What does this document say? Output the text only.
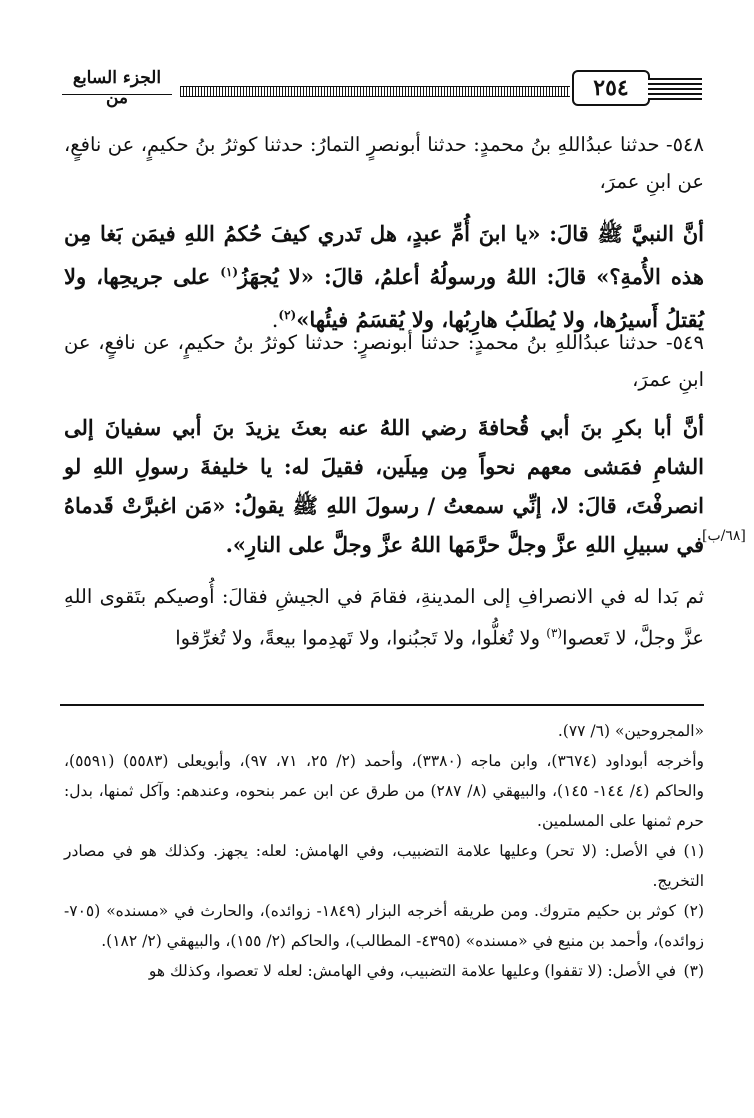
الجزء السابع من	٢٥٤

٥٤٨- حدثنا عبدُاللهِ بنُ محمدٍ: حدثنا أبونصرٍ التمارُ: حدثنا كوثرُ بنُ حكيمٍ، عن نافعٍ، عن ابنِ عمرَ،

أنَّ النبيَّ ﷺ قالَ: «يا ابنَ أُمِّ عبدٍ، هل تَدري كيفَ حُكمُ اللهِ فيمَن بَغا مِن هذه الأُمةِ؟» قالَ: اللهُ ورسولُهُ أعلمُ، قالَ: «لا يُجهَزُ$^{(١)}$ على جريحِها، ولا يُقتلُ أَسيرُها، ولا يُطلَبُ هارِبُها، ولا يُقسَمُ فيئُها»$^{(٢)}$.

٥٤٩- حدثنا عبدُاللهِ بنُ محمدٍ: حدثنا أبونصرٍ: حدثنا كوثرُ بنُ حكيمٍ، عن نافعٍ، عن ابنِ عمرَ،

أنَّ أبا بكرِ بنَ أبي قُحافةَ رضي اللهُ عنه بعثَ يزيدَ بنَ أبي سفيانَ إلى الشامِ فمَشى معهم نحواً مِن مِيلَين، فقيلَ له: يا خليفةَ رسولِ اللهِ لو انصرفْتَ، قالَ: لا، إنِّي سمعتُ / رسولَ اللهِ ﷺ يقولُ: «مَن اغبرَّتْ قَدماهُ في سبيلِ اللهِ عزَّ وجلَّ حرَّمَها اللهُ عزَّ وجلَّ على النارِ».

ثم بَدا له في الانصرافِ إلى المدينةِ، فقامَ في الجيشِ فقالَ: أُوصيكم بتَقوى اللهِ عزَّ وجلَّ، لا تَعصوا$^{(٣)}$ ولا تُغلُّوا، ولا تَجبُنوا، ولا تَهدِموا بيعةً، ولا تُغرِّقوا

[٦٨/ب]

«المجروحين» (٦/ ٧٧).

وأخرجه أبوداود (٣٦٧٤)، وابن ماجه (٣٣٨٠)، وأحمد (٢/ ٢٥، ٧١، ٩٧)، وأبويعلى (٥٥٨٣) (٥٥٩١)، والحاكم (٤/ ١٤٤- ١٤٥)، والبيهقي (٨/ ٢٨٧) من طرق عن ابن عمر بنحوه، وعندهم: وآكل ثمنها، بدل: حرم ثمنها على المسلمين.

(١)في الأصل: (لا تحر) وعليها علامة التضبيب، وفي الهامش: لعله: يجهز. وكذلك هو في مصادر التخريج.

(٢)كوثر بن حكيم متروك. ومن طريقه أخرجه البزار (١٨٤٩- زوائده)، والحارث في «مسنده» (٧٠٥- زوائده)، وأحمد بن منيع في «مسنده» (٤٣٩٥- المطالب)، والحاكم (٢/ ١٥٥)، والبيهقي (٢/ ١٨٢).

(٣)في الأصل: (لا تقفوا) وعليها علامة التضبيب، وفي الهامش: لعله لا تعصوا، وكذلك هو
